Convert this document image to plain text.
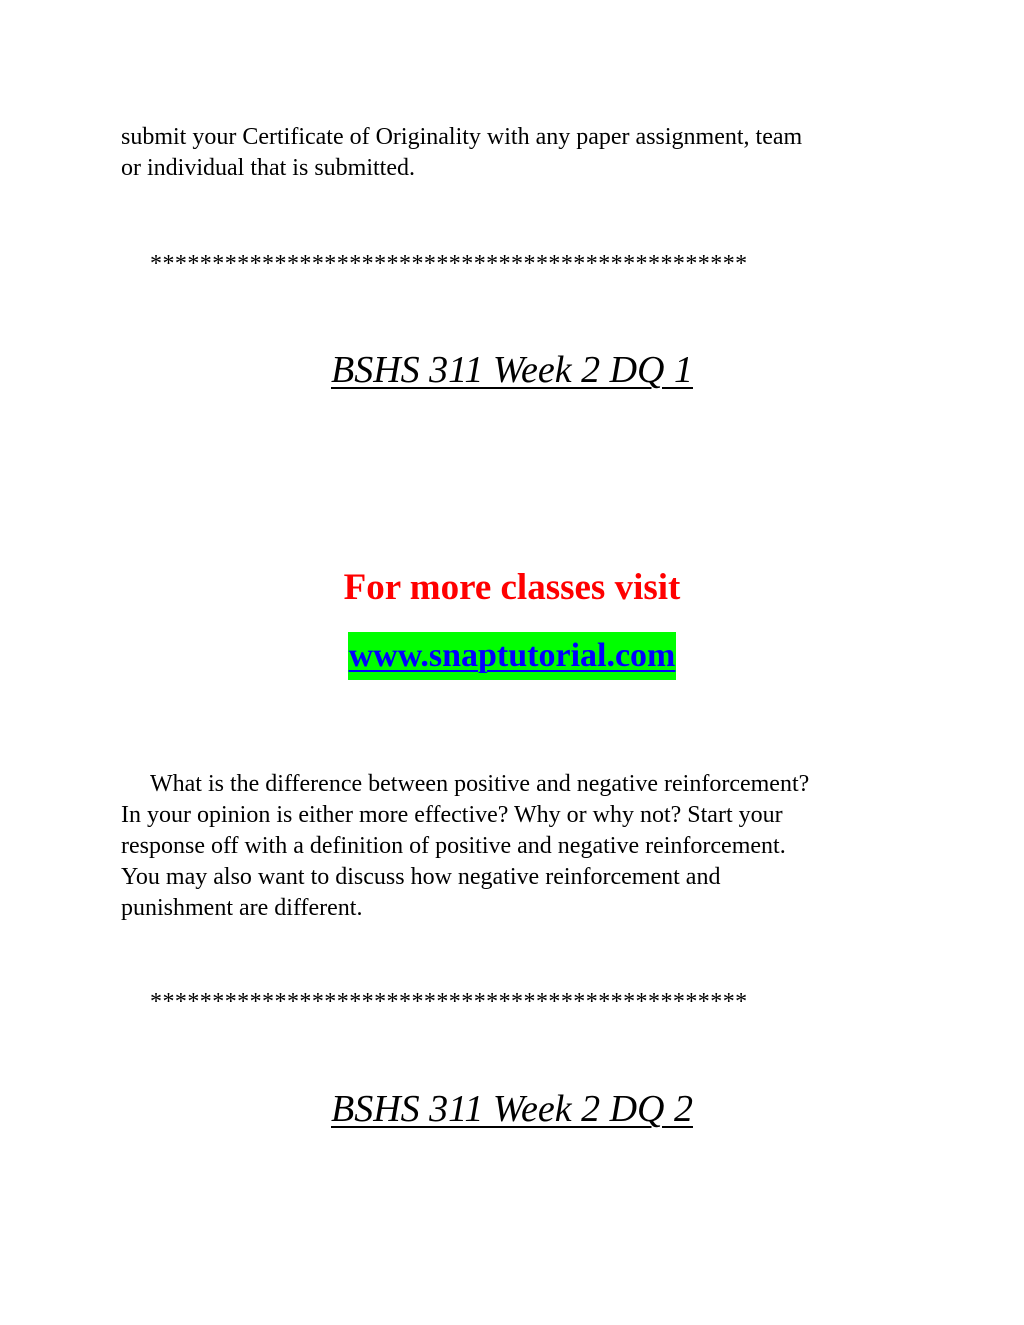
submit your Certificate of Originality with any paper assignment, team
or individual that is submitted.
************************************************
BSHS 311 Week 2 DQ 1
For more classes visit
www.snaptutorial.com
What is the difference between positive and negative reinforcement?
In your opinion is either more effective? Why or why not? Start your
response off with a definition of positive and negative reinforcement.
You may also want to discuss how negative reinforcement and
punishment are different.
************************************************
BSHS 311 Week 2 DQ 2
